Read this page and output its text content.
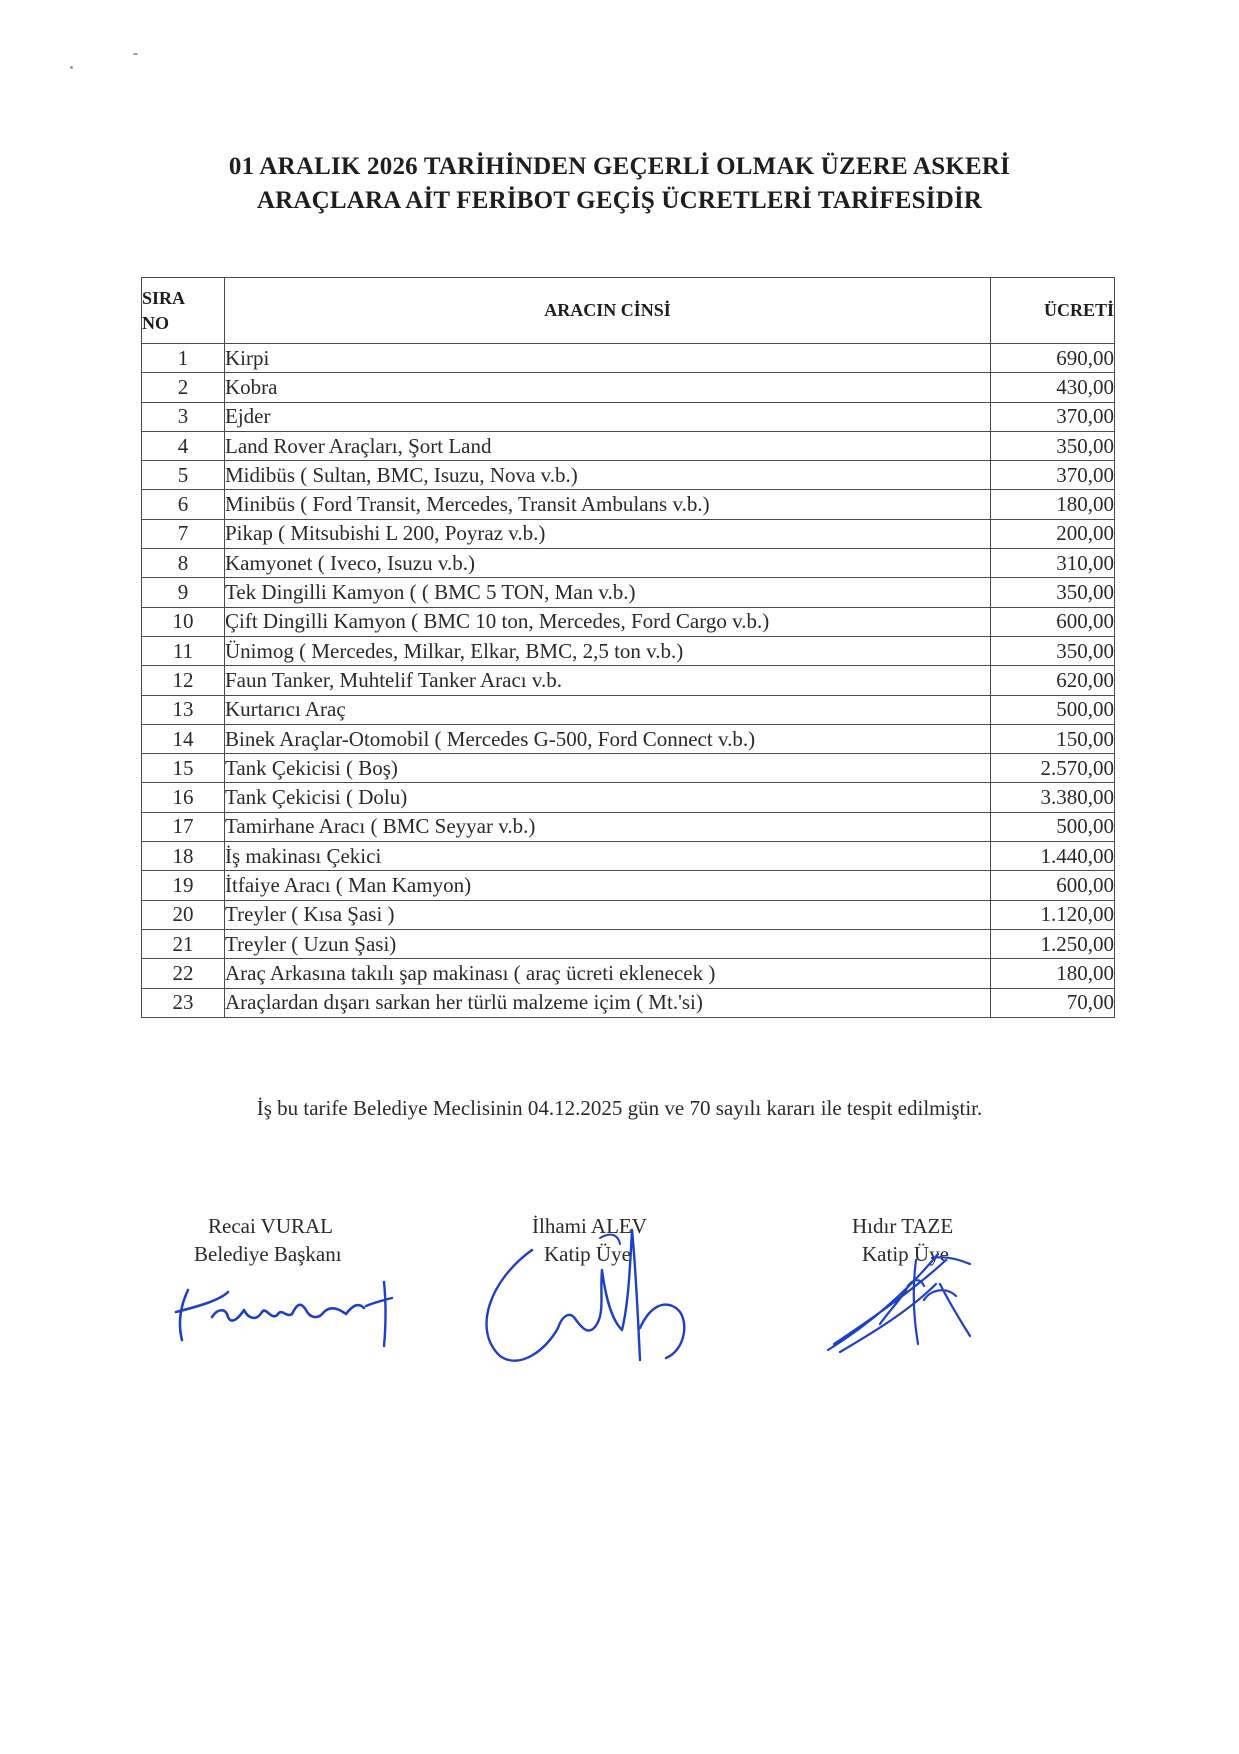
01 ARALIK 2026 TARİHİNDEN GEÇERLİ OLMAK ÜZERE ASKERİ
ARAÇLARA AİT FERİBOT GEÇİŞ ÜCRETLERİ TARİFESİDİR
SIRA
NO	ARACIN CİNSİ	ÜCRETİ
1	Kirpi	690,00
2	Kobra	430,00
3	Ejder	370,00
4	Land Rover Araçları, Şort Land	350,00
5	Midibüs ( Sultan, BMC, Isuzu, Nova v.b.)	370,00
6	Minibüs ( Ford Transit, Mercedes, Transit Ambulans v.b.)	180,00
7	Pikap ( Mitsubishi L 200, Poyraz v.b.)	200,00
8	Kamyonet ( Iveco, Isuzu v.b.)	310,00
9	Tek Dingilli Kamyon ( ( BMC 5 TON, Man v.b.)	350,00
10	Çift Dingilli Kamyon ( BMC 10 ton, Mercedes, Ford Cargo v.b.)	600,00
11	Ünimog ( Mercedes, Milkar, Elkar, BMC, 2,5 ton v.b.)	350,00
12	Faun Tanker, Muhtelif Tanker Aracı v.b.	620,00
13	Kurtarıcı Araç	500,00
14	Binek Araçlar-Otomobil ( Mercedes G-500, Ford Connect v.b.)	150,00
15	Tank Çekicisi ( Boş)	2.570,00
16	Tank Çekicisi ( Dolu)	3.380,00
17	Tamirhane Aracı ( BMC Seyyar v.b.)	500,00
18	İş makinası Çekici	1.440,00
19	İtfaiye Aracı ( Man Kamyon)	600,00
20	Treyler ( Kısa Şasi )	1.120,00
21	Treyler ( Uzun Şasi)	1.250,00
22	Araç Arkasına takılı şap makinası ( araç ücreti eklenecek )	180,00
23	Araçlardan dışarı sarkan her türlü malzeme içim ( Mt.'si)	70,00
İş bu tarife Belediye Meclisinin 04.12.2025 gün ve 70 sayılı kararı ile tespit edilmiştir.
Recai VURAL
Belediye Başkanı
İlhami ALEV
Katip Üye
Hıdır TAZE
Katip Üye
